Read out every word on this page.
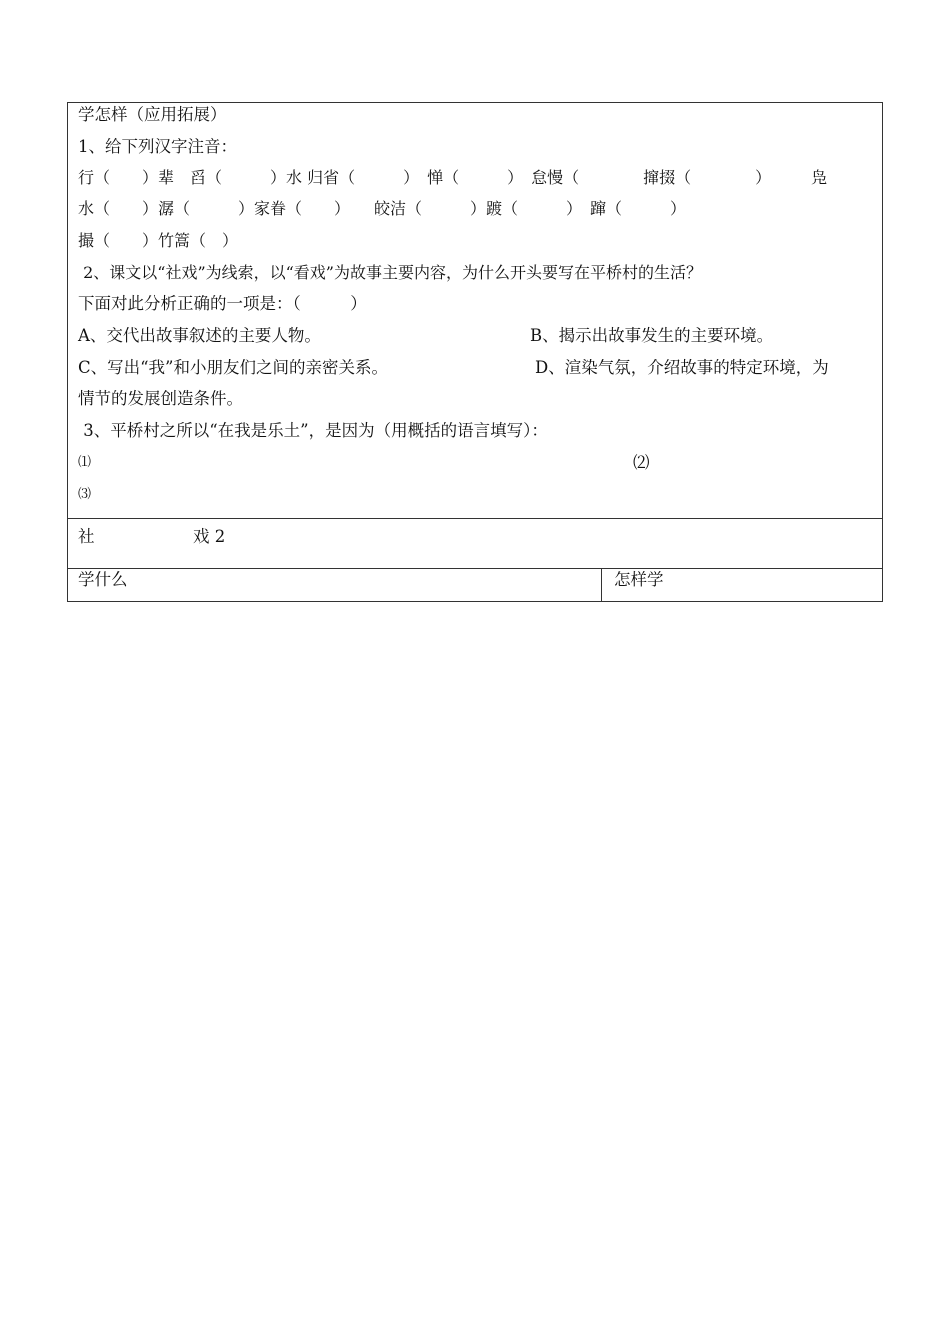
学怎样（应用拓展）
1、给下列汉字注音：
行（　　）辈　舀（　　　）水 归省（　　　）　惮（　　　）　怠慢（　　　　撺掇（　　　　）　　　凫
水（　　）潺（　　　）家眷（　　）　　皎洁（　　　）踱（　　　）　蹿（　　　）
撮（　　）竹篙（　）
2、课文以“社戏”为线索，以“看戏”为故事主要内容，为什么开头要写在平桥村的生活？
下面对此分析正确的一项是：（　　　）
A、交代出故事叙述的主要人物。	B、揭示出故事发生的主要环境。
C、写出“我”和小朋友们之间的亲密关系。	D、渲染气氛，介绍故事的特定环境，为
情节的发展创造条件。
3、平桥村之所以“在我是乐土”，是因为（用概括的语言填写）：
⑴	⑵
⑶
社	戏 2
学什么	怎样学
